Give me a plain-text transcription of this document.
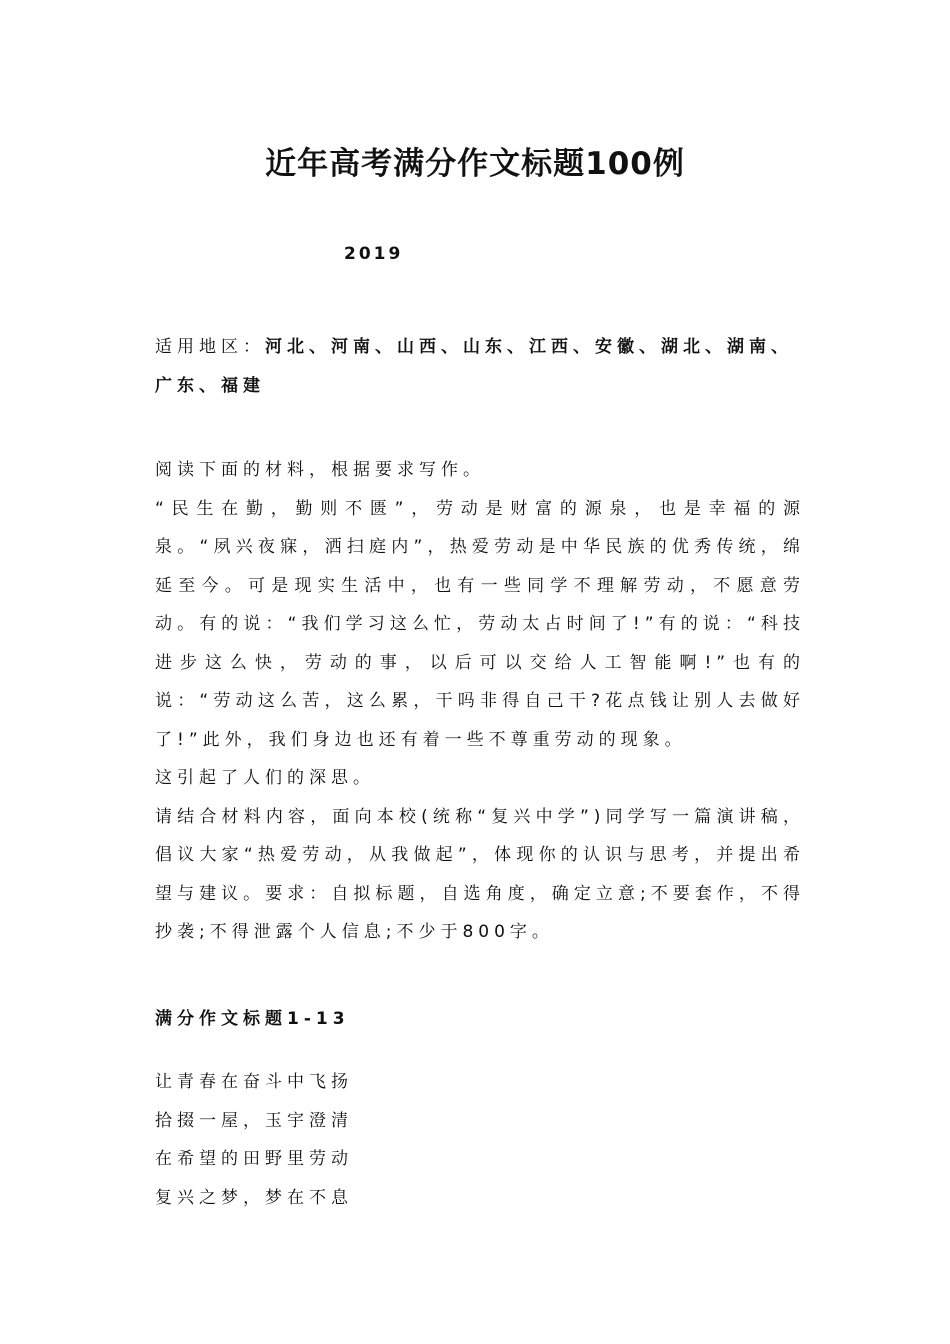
近年高考满分作文标题100例
2019
适用地区：河北、河南、山西、山东、江西、安徽、湖北、湖南、广东、福建

阅读下面的材料，根据要求写作。

“民生在勤，勤则不匮”，劳动是财富的源泉，也是幸福的源泉。“夙兴夜寐，洒扫庭内”，热爱劳动是中华民族的优秀传统，绵延至今。可是现实生活中，也有一些同学不理解劳动，不愿意劳动。有的说：“我们学习这么忙，劳动太占时间了!”有的说：“科技进步这么快，劳动的事，以后可以交给人工智能啊!”也有的说：“劳动这么苦，这么累，干吗非得自己干?花点钱让别人去做好了!”此外，我们身边也还有着一些不尊重劳动的现象。

这引起了人们的深思。

请结合材料内容，面向本校(统称“复兴中学”)同学写一篇演讲稿，倡议大家“热爱劳动，从我做起”，体现你的认识与思考，并提出希望与建议。要求：自拟标题，自选角度，确定立意;不要套作，不得抄袭;不得泄露个人信息;不少于800字。

满分作文标题1-13
让青春在奋斗中飞扬
拾掇一屋，玉宇澄清
在希望的田野里劳动
复兴之梦，梦在不息
